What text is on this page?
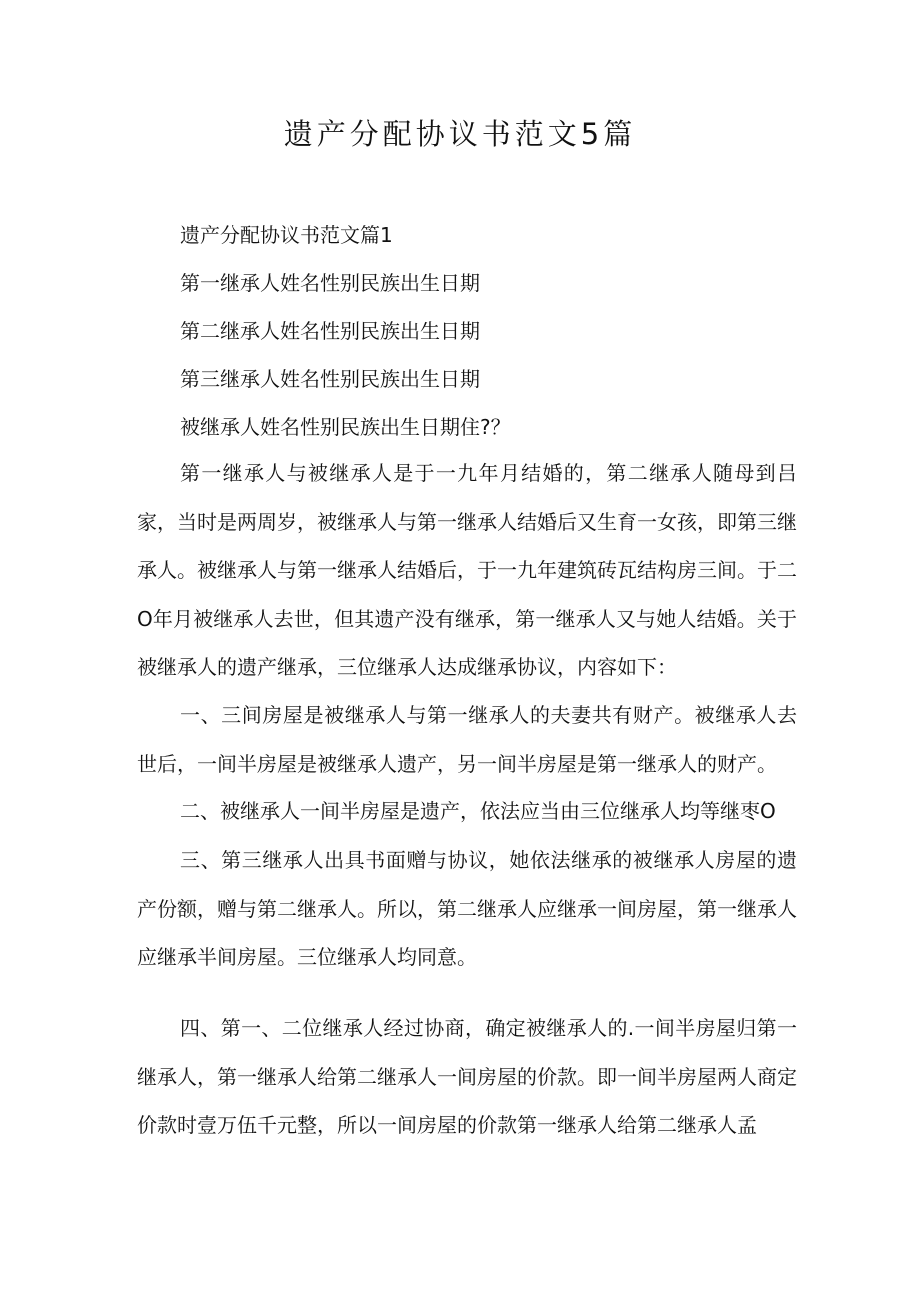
遗产分配协议书范文5篇

遗产分配协议书范文篇1

第一继承人姓名性别民族出生日期

第二继承人姓名性别民族出生日期

第三继承人姓名性别民族出生日期

被继承人姓名性别民族出生日期住?？

第一继承人与被继承人是于一九年月结婚的，第二继承人随母到吕家，当时是两周岁，被继承人与第一继承人结婚后又生育一女孩，即第三继承人。被继承人与第一继承人结婚后，于一九年建筑砖瓦结构房三间。于二O年月被继承人去世，但其遗产没有继承，第一继承人又与她人结婚。关于被继承人的遗产继承，三位继承人达成继承协议，内容如下：

一、三间房屋是被继承人与第一继承人的夫妻共有财产。被继承人去世后，一间半房屋是被继承人遗产，另一间半房屋是第一继承人的财产。

二、被继承人一间半房屋是遗产，依法应当由三位继承人均等继枣O

三、第三继承人出具书面赠与协议，她依法继承的被继承人房屋的遗产份额，赠与第二继承人。所以，第二继承人应继承一间房屋，第一继承人应继承半间房屋。三位继承人均同意。

四、第一、二位继承人经过协商，确定被继承人的.一间半房屋归第一继承人，第一继承人给第二继承人一间房屋的价款。即一间半房屋两人商定价款时壹万伍千元整，所以一间房屋的价款第一继承人给第二继承人孟
